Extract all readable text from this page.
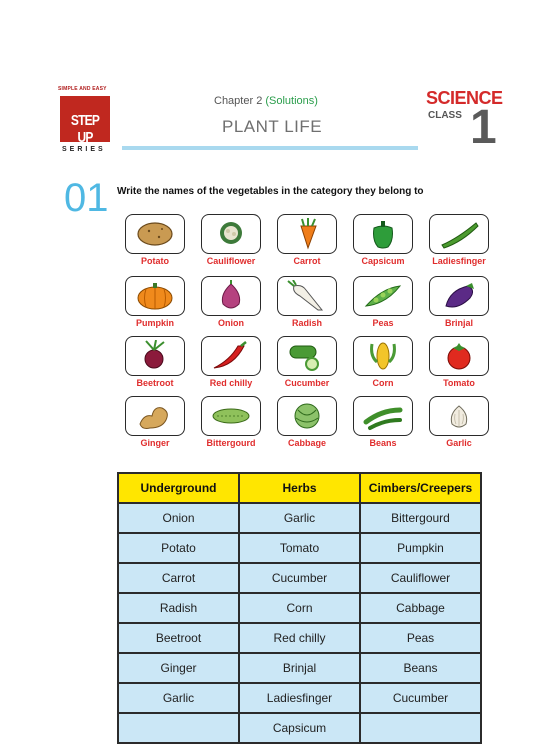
SIMPLE AND EASY
STEP UP
SERIES
Chapter 2 (Solutions)
PLANT LIFE
SCIENCE
CLASS 1
01 Write the names of the vegetables in the category they belong to
Potato	Cauliflower	Carrot	Capsicum	Ladiesfinger
Pumpkin	Onion	Radish	Peas	Brinjal
Beetroot	Red chilly	Cucumber	Corn	Tomato
Ginger	Bittergourd	Cabbage	Beans	Garlic
Underground	Herbs	Cimbers/Creepers
Onion	Garlic	Bittergourd
Potato	Tomato	Pumpkin
Carrot	Cucumber	Cauliflower
Radish	Corn	Cabbage
Beetroot	Red chilly	Peas
Ginger	Brinjal	Beans
Garlic	Ladiesfinger	Cucumber
	Capsicum	
